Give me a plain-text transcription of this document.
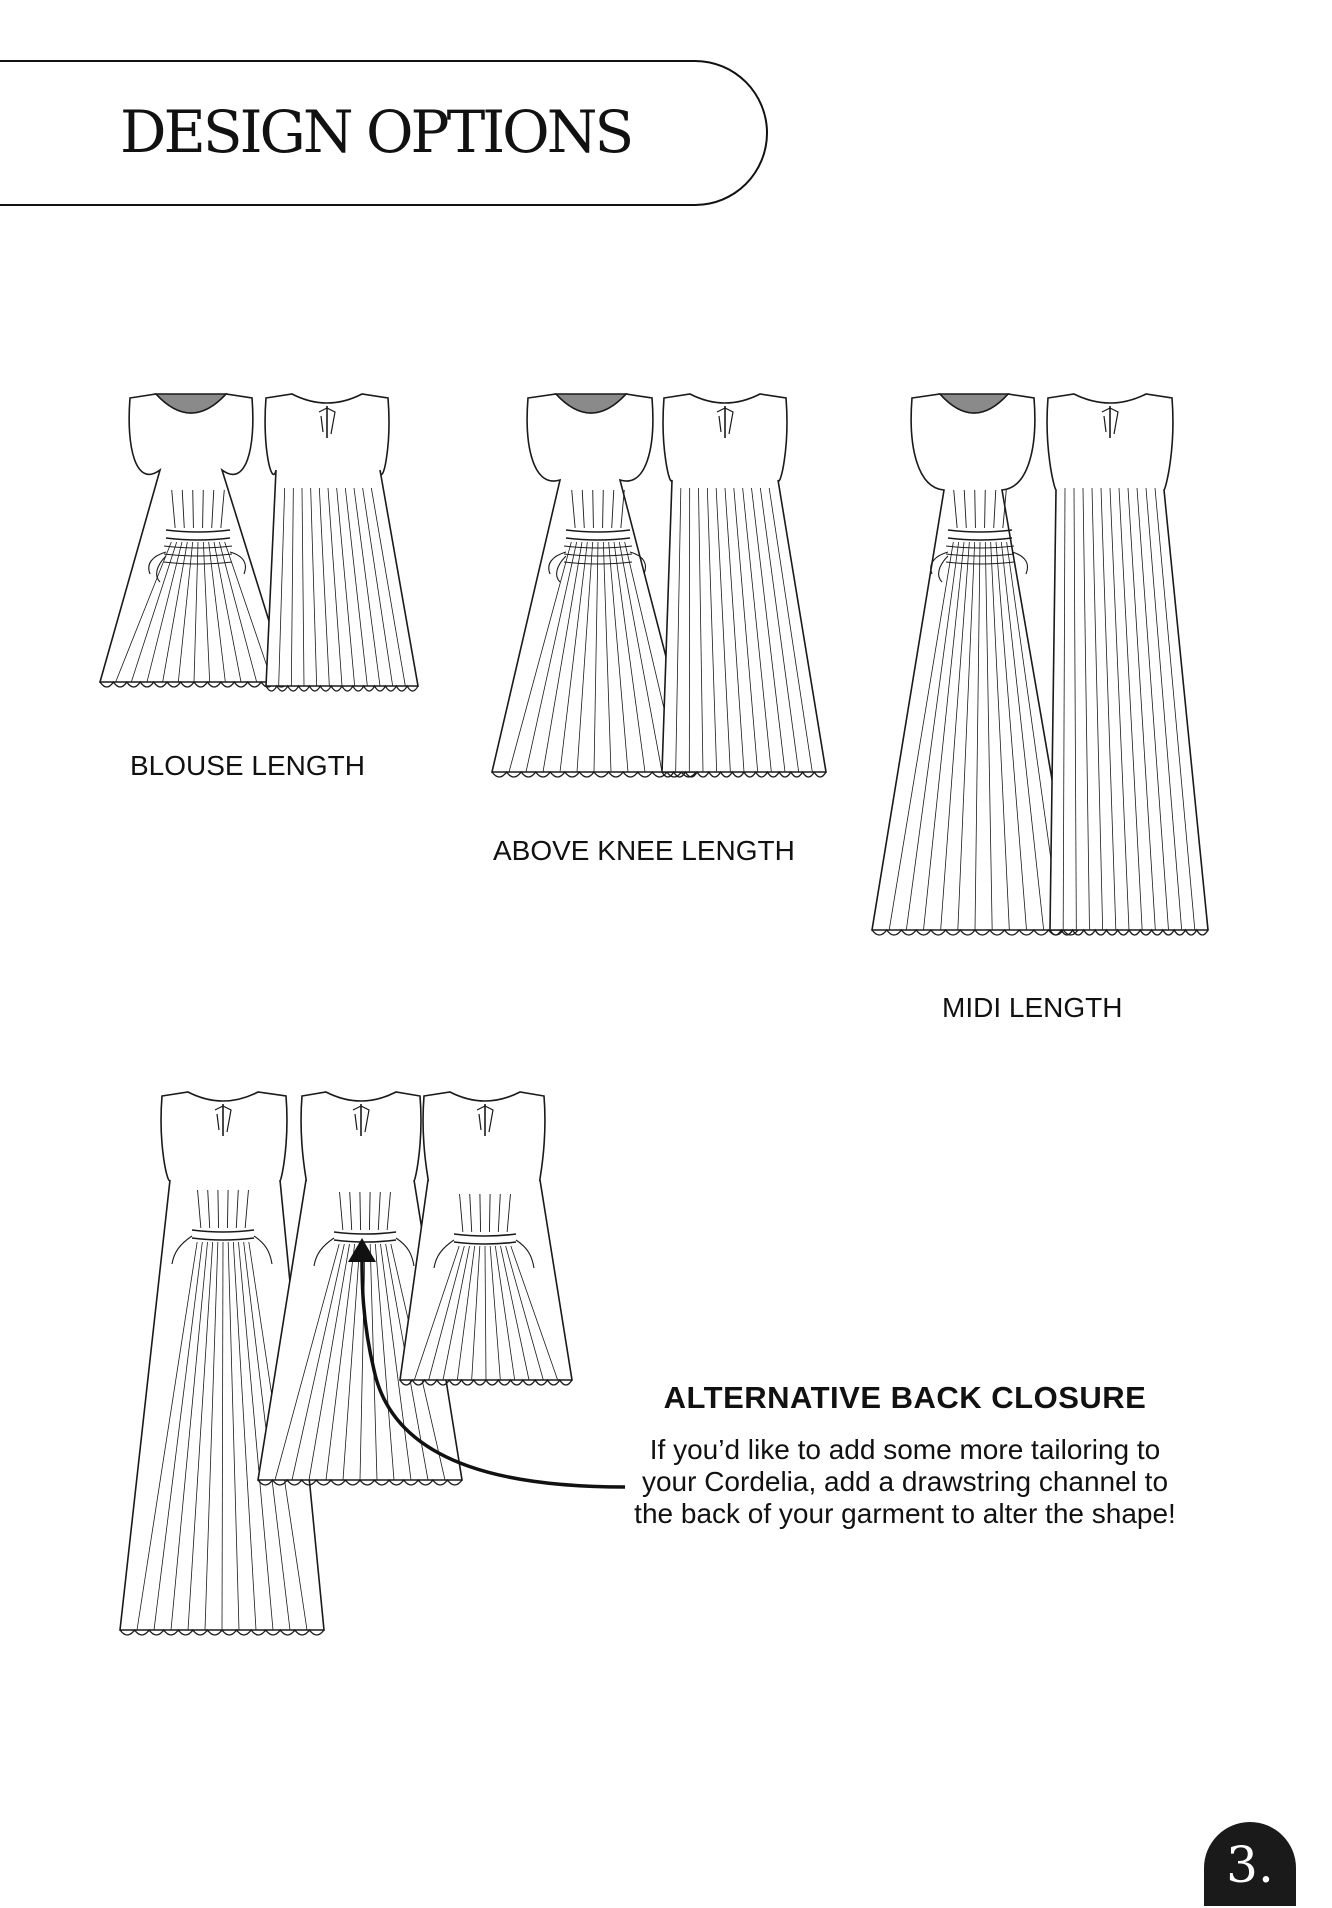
DESIGN OPTIONS
BLOUSE LENGTH
ABOVE KNEE LENGTH
MIDI LENGTH
ALTERNATIVE BACK CLOSURE
If you’d like to add some more tailoring to your Cordelia, add a drawstring channel to the back of your garment to alter the shape!
3.
